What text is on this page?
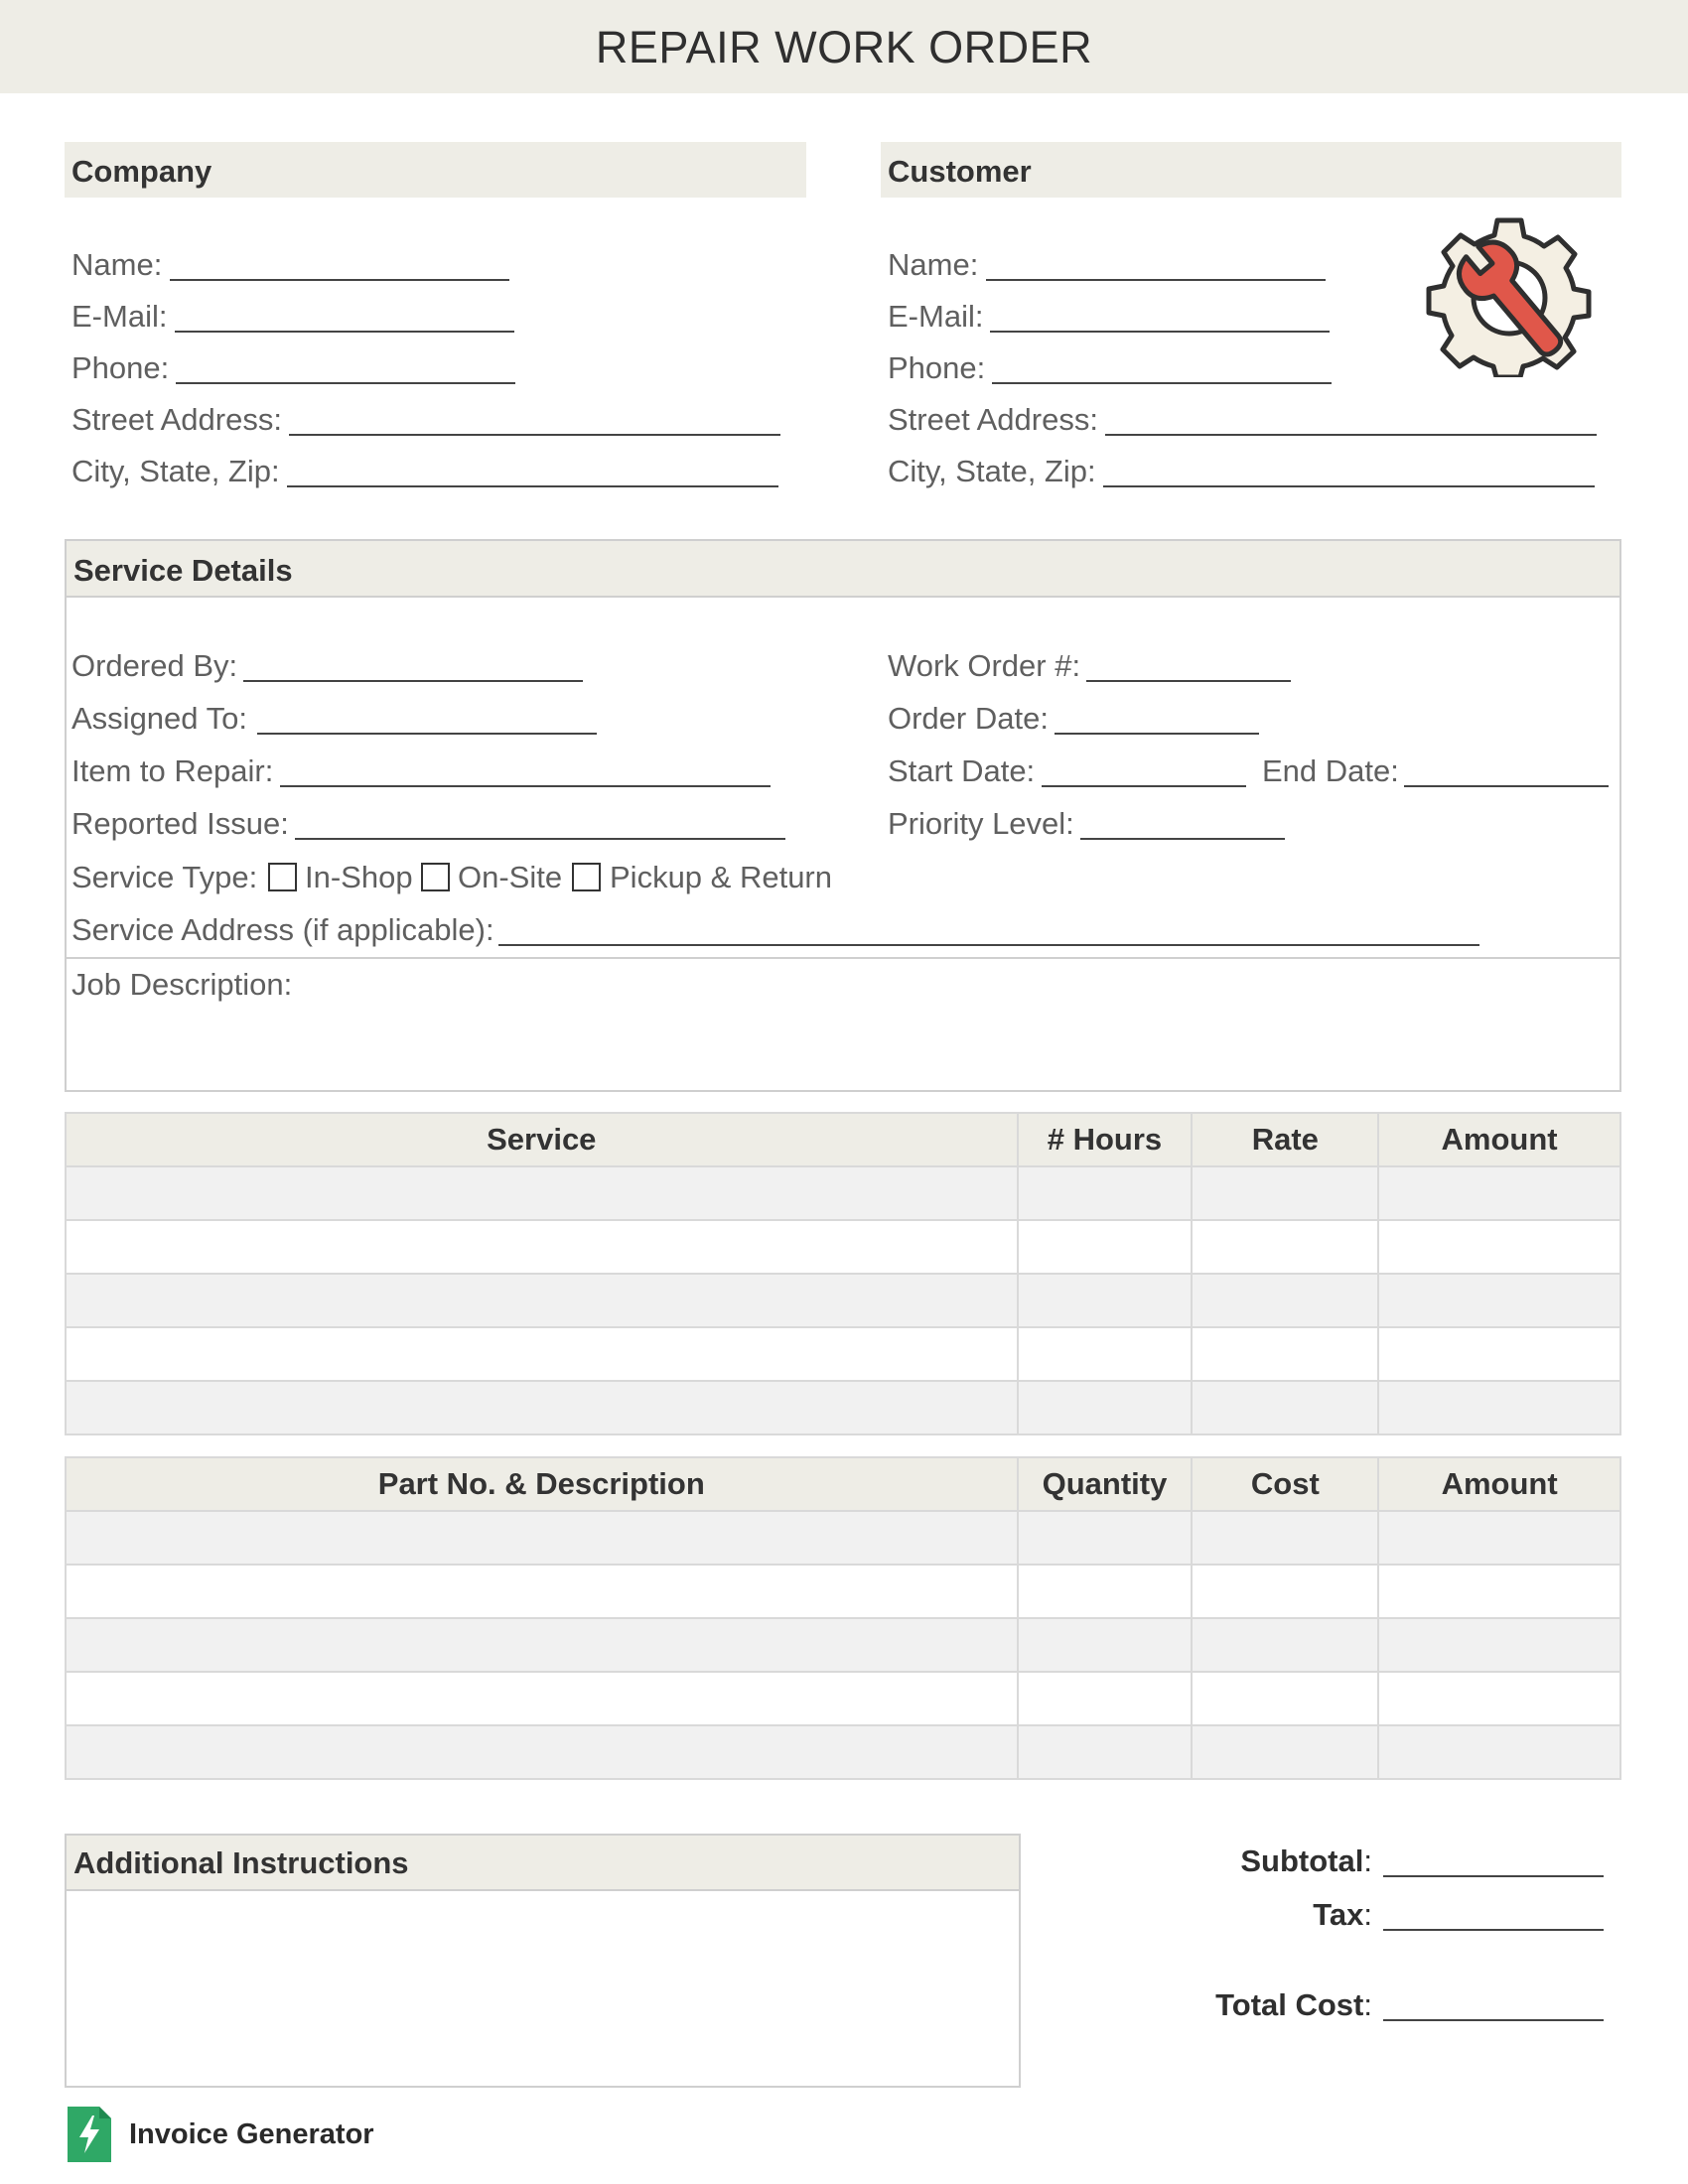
REPAIR WORK ORDER
Company
Name:
E-Mail:
Phone:
Street Address:
City, State, Zip:
Customer
Name:
E-Mail:
Phone:
Street Address:
City, State, Zip:
Service Details
Ordered By:
Assigned To:
Item to Repair:
Reported Issue:
Service Type: In-Shop On-Site Pickup & Return
Service Address (if applicable):
Work Order #:
Order Date:
Start Date:	End Date:
Priority Level:
Job Description:
Service	# Hours	Rate	Amount

Part No. & Description	Quantity	Cost	Amount

Additional Instructions	Subtotal:
Tax:
Total Cost:
Invoice Generator
